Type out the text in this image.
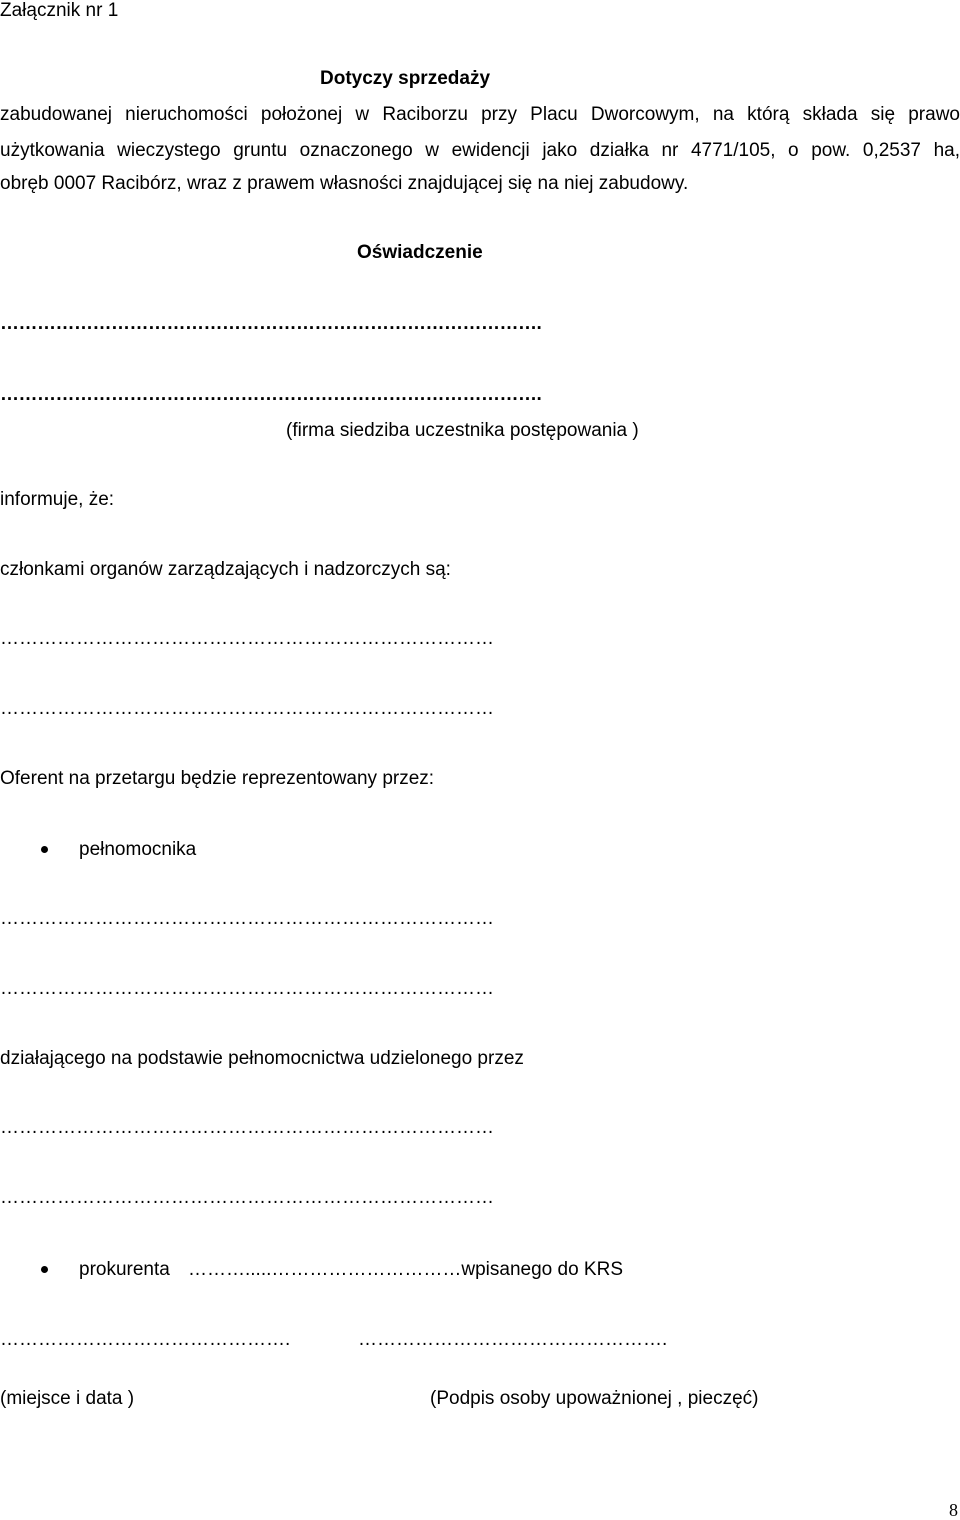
Załącznik nr 1
Dotyczy sprzedaży
zabudowanej nieruchomości położonej w Raciborzu przy Placu Dworcowym, na którą składa się prawo
użytkowania wieczystego gruntu oznaczonego w ewidencji jako działka nr 4771/105, o pow. 0,2537 ha,
obręb 0007 Racibórz, wraz z prawem własności znajdującej się na niej zabudowy.
Oświadczenie
…………………………………………………………………………….
…………………………………………………………………………….
(firma siedziba uczestnika postępowania )
informuje, że:
członkami organów zarządzających i nadzorczych są:
……………………………………………………………………
……………………………………………………………………
Oferent na przetargu będzie reprezentowany przez:
pełnomocnika
……………………………………………………………………
……………………………………………………………………
działającego na podstawie pełnomocnictwa udzielonego przez
……………………………………………………………………
……………………………………………………………………
prokurenta ……….....…………………………wpisanego do KRS
……………………………………….	………………………………………….
(miejsce i data )	(Podpis osoby upoważnionej , pieczęć)
8
